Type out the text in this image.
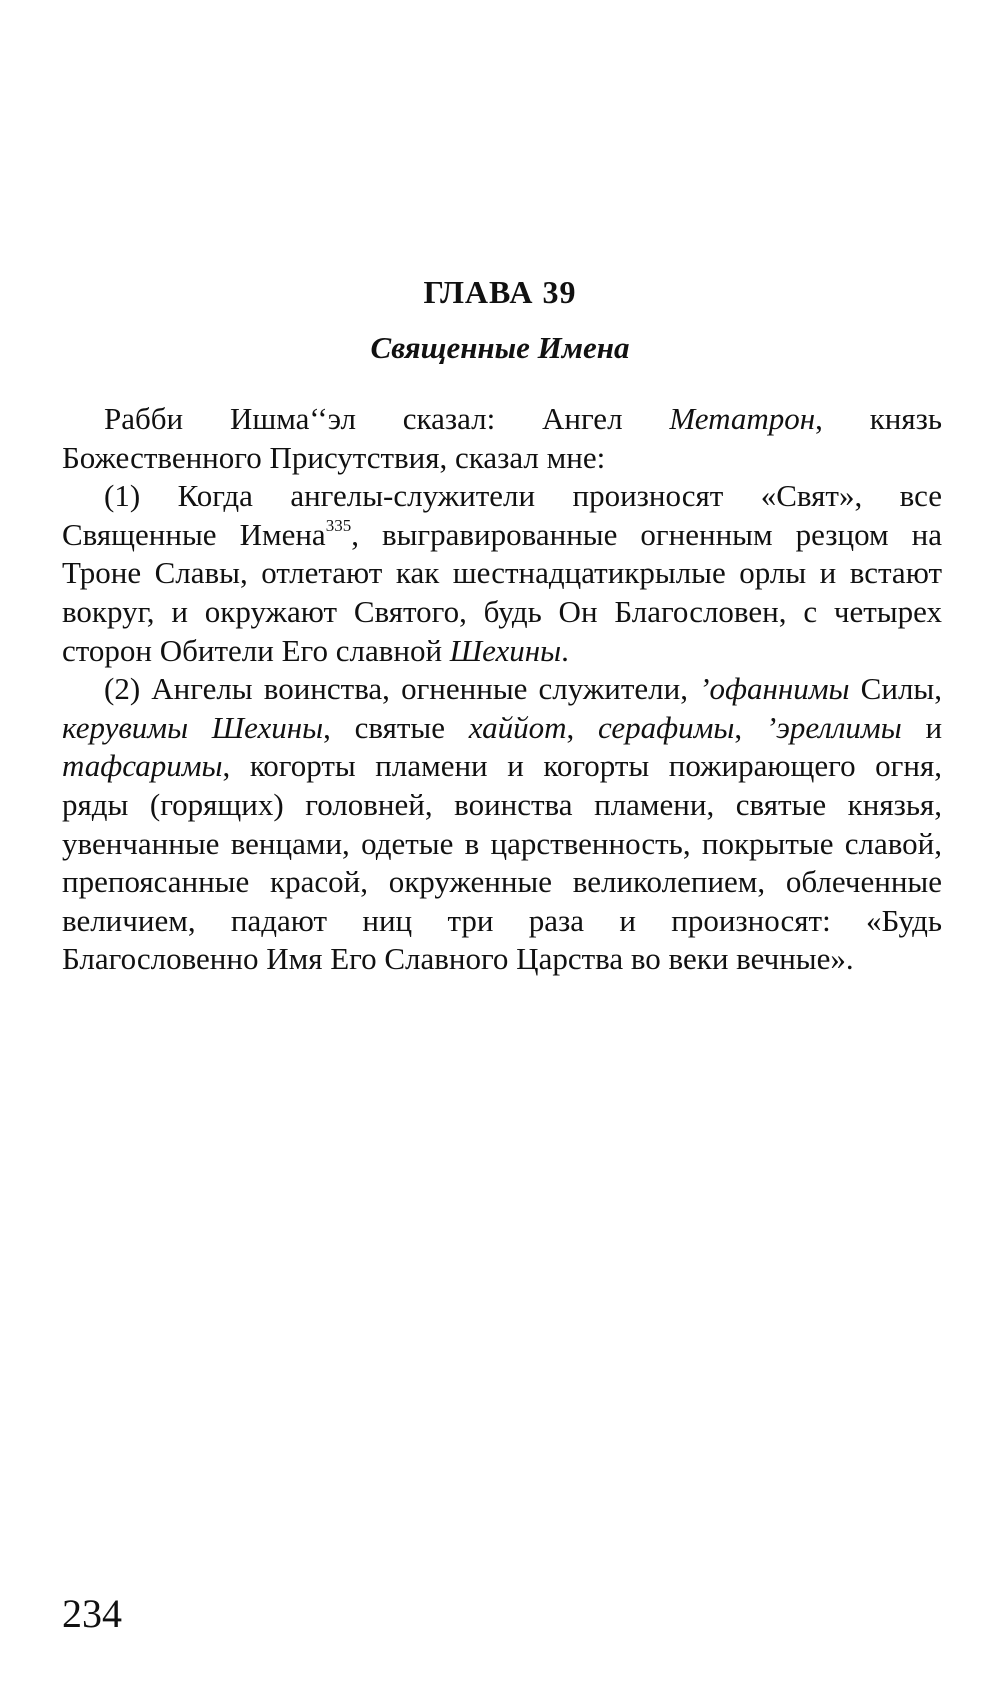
ГЛАВА 39
Священные Имена

Рабби Ишма‘‘эл сказал: Ангел Метатрон, князь Божественного Присутствия, сказал мне:

(1) Когда ангелы-служители произносят «Свят», все Священные Имена$^{335}$, выгравированные огненным резцом на Троне Славы, отлетают как шестнадцатикрылые орлы и встают вокруг, и окружают Святого, будь Он Благословен, с четырех сторон Обители Его славной Шехины.

(2) Ангелы воинства, огненные служители, ’офаннимы Силы, керувимы Шехины, святые хаййот, серафимы, ’эреллимы и тафсаримы, когорты пламени и когорты пожирающего огня, ряды (горящих) головней, воинства пламени, святые князья, увенчанные венцами, одетые в царственность, покрытые славой, препоясанные красой, окруженные великолепием, облеченные величием, падают ниц три раза и произносят: «Будь Благословенно Имя Его Славного Царства во веки вечные».

234
